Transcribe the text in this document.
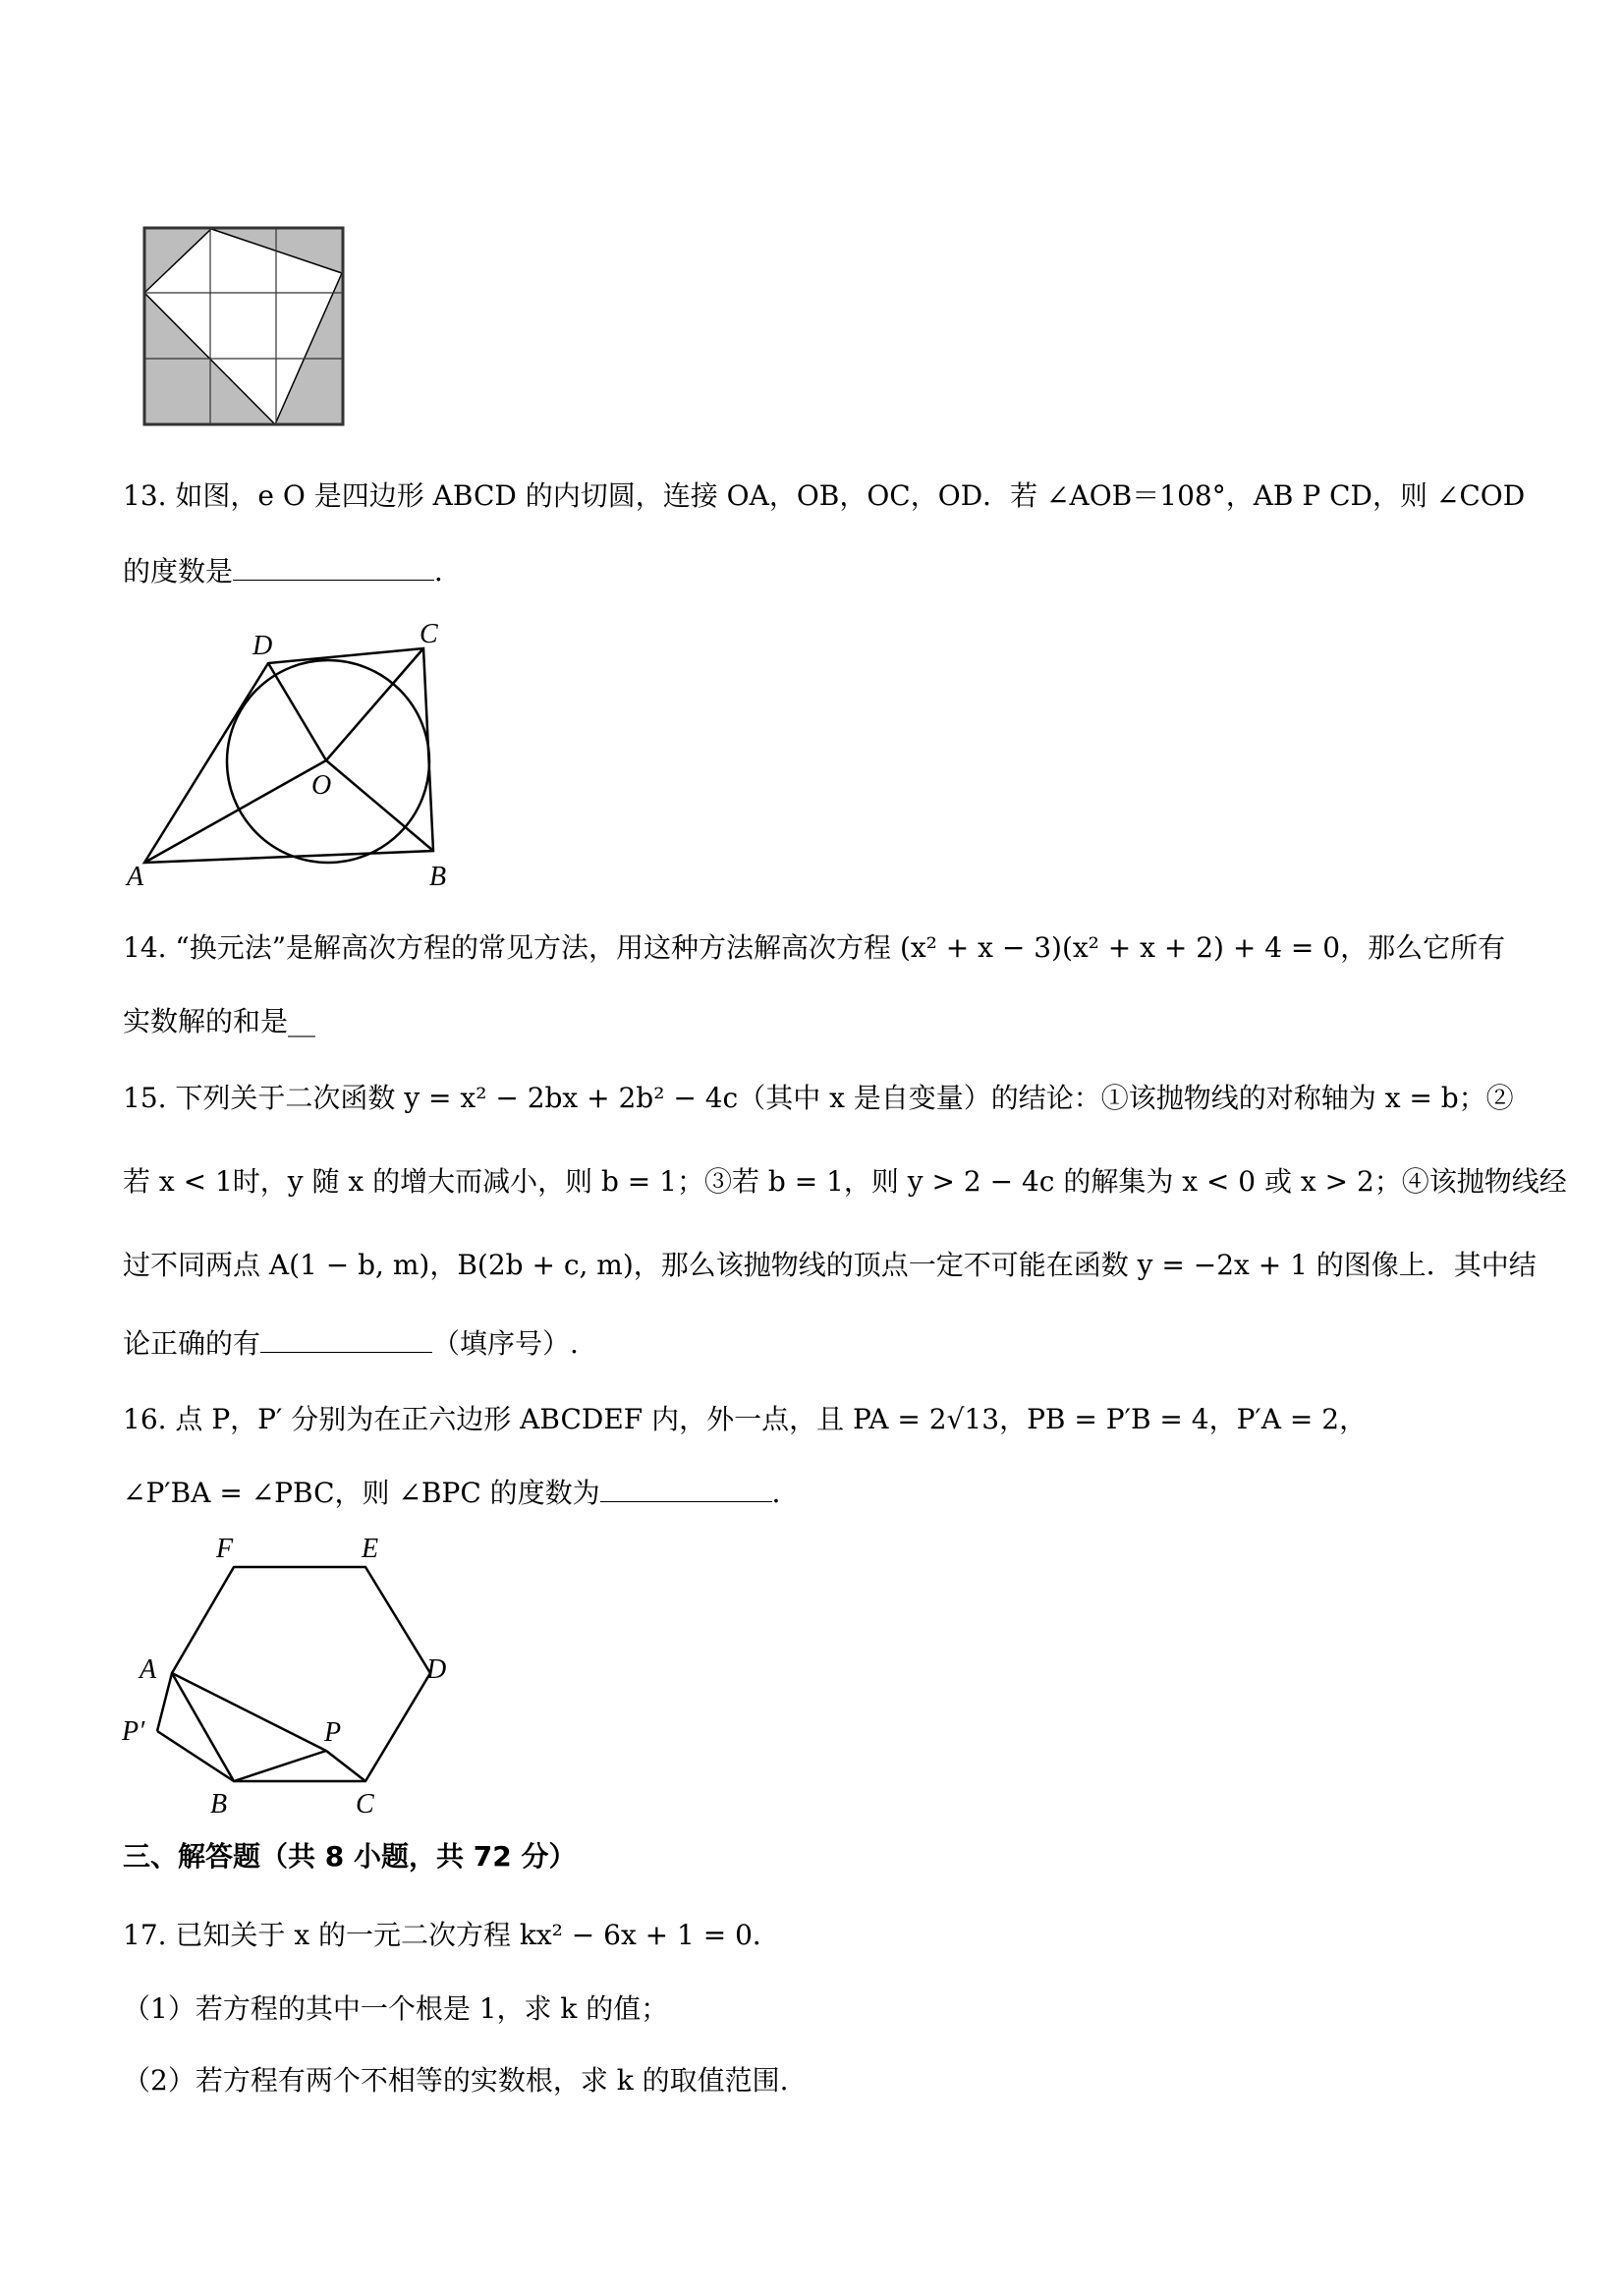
13. 如图，e O 是四边形 ABCD 的内切圆，连接 OA，OB，OC，OD．若 ∠AOB＝108°，AB P CD，则 ∠COD
的度数是	．
D	C
O
A	B
14. “换元法”是解高次方程的常见方法，用这种方法解高次方程 (x² + x − 3)(x² + x + 2) + 4 = 0，那么它所有
实数解的和是__
15. 下列关于二次函数 y = x² − 2bx + 2b² − 4c（其中 x 是自变量）的结论：①该抛物线的对称轴为 x = b；②
若 x < 1时，y 随 x 的增大而减小，则 b = 1；③若 b = 1，则 y > 2 − 4c 的解集为 x < 0 或 x > 2；④该抛物线经
过不同两点 A(1 − b, m)，B(2b + c, m)，那么该抛物线的顶点一定不可能在函数 y = −2x + 1 的图像上．其中结
论正确的有	（填序号）.
16. 点 P，P′ 分别为在正六边形 ABCDEF 内，外一点，且 PA = 2√13，PB = P′B = 4，P′A = 2，
∠P′BA = ∠PBC，则 ∠BPC 的度数为	．
F	E
D
A
P′	P
B	C
三、解答题（共 8 小题，共 72 分）
17. 已知关于 x 的一元二次方程 kx² − 6x + 1 = 0．
（1）若方程的其中一个根是 1，求 k 的值；
（2）若方程有两个不相等的实数根，求 k 的取值范围.
